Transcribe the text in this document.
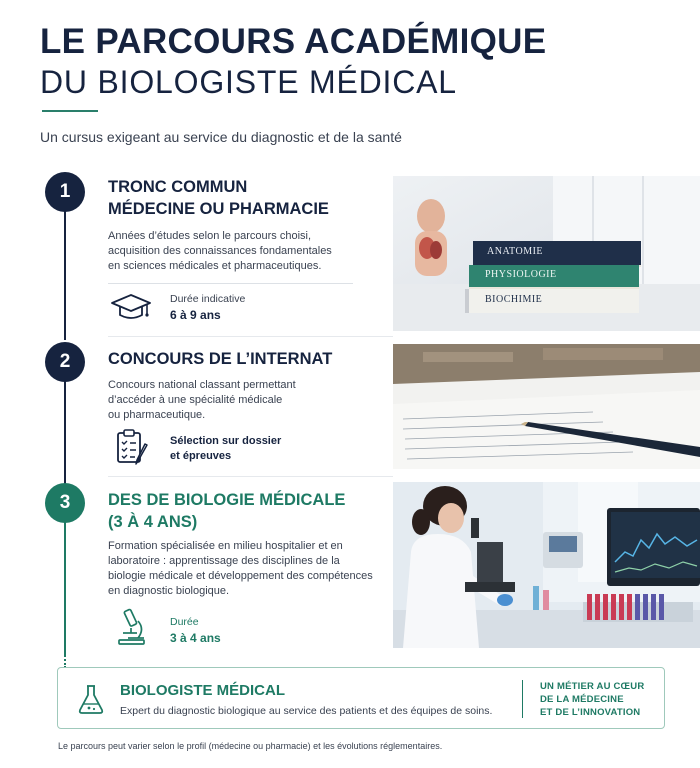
LE PARCOURS ACADÉMIQUE
DU BIOLOGISTE MÉDICAL
Un cursus exigeant au service du diagnostic et de la santé
1	TRONC COMMUN
MÉDECINE OU PHARMACIE
Années d’études selon le parcours choisi,
acquisition des connaissances fondamentales
en sciences médicales et pharmaceutiques.
Durée indicative
6 à 9 ans
ANATOMIE
PHYSIOLOGIE
BIOCHIMIE
2	CONCOURS DE L’INTERNAT
Concours national classant permettant
d’accéder à une spécialité médicale
ou pharmaceutique.
Sélection sur dossier
et épreuves
3	DES DE BIOLOGIE MÉDICALE
(3 À 4 ANS)
Formation spécialisée en milieu hospitalier et en
laboratoire : apprentissage des disciplines de la
biologie médicale et développement des compétences
en diagnostic biologique.
Durée
3 à 4 ans
BIOLOGISTE MÉDICAL
Expert du diagnostic biologique au service des patients et des équipes de soins.
UN MÉTIER AU CŒUR
DE LA MÉDECINE
ET DE L’INNOVATION
Le parcours peut varier selon le profil (médecine ou pharmacie) et les évolutions réglementaires.
